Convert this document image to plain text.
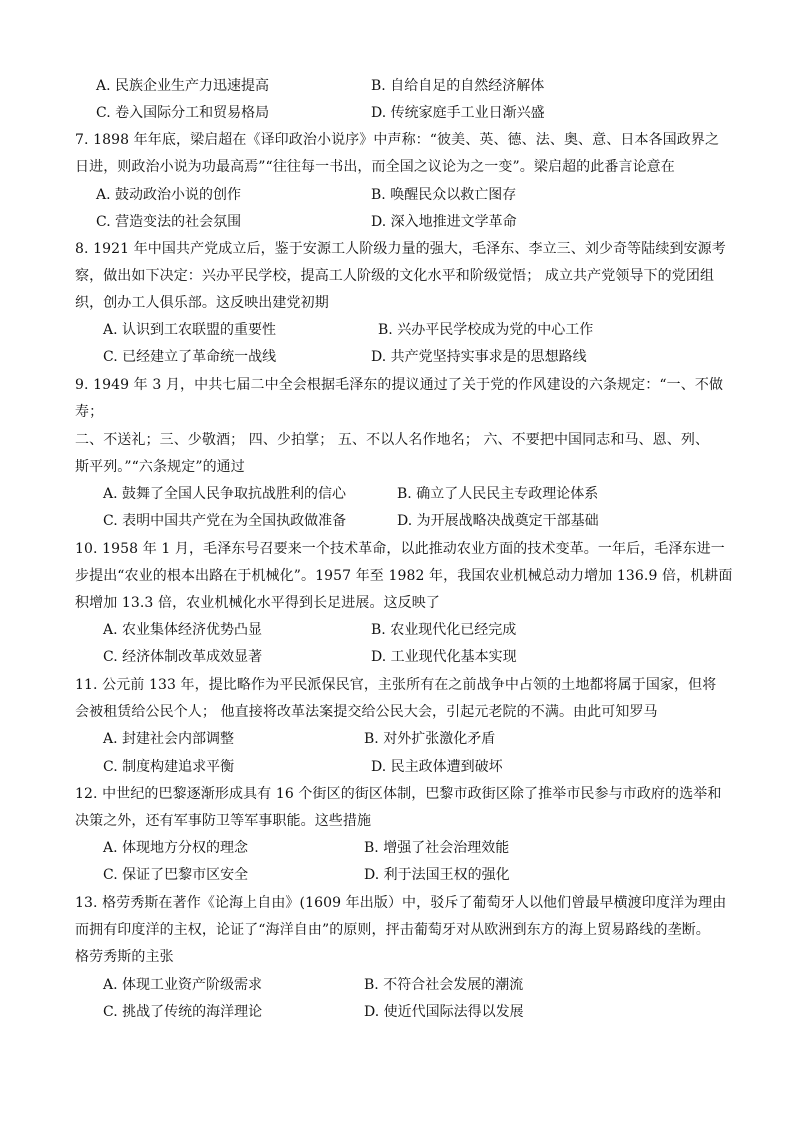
A. 民族企业生产力迅速提高	B. 自给自足的自然经济解体
C. 卷入国际分工和贸易格局	D. 传统家庭手工业日渐兴盛
7. 1898 年年底，梁启超在《译印政治小说序》中声称：“彼美、英、德、法、奥、意、日本各国政界之
日进，则政治小说为功最高焉”“往往每一书出，而全国之议论为之一变”。梁启超的此番言论意在
A. 鼓动政治小说的创作	B. 唤醒民众以救亡图存
C. 营造变法的社会氛围	D. 深入地推进文学革命
8. 1921 年中国共产党成立后，鉴于安源工人阶级力量的强大，毛泽东、李立三、刘少奇等陆续到安源考
察，做出如下决定：兴办平民学校，提高工人阶级的文化水平和阶级觉悟； 成立共产党领导下的党团组
织，创办工人俱乐部。这反映出建党初期
A. 认识到工农联盟的重要性	B. 兴办平民学校成为党的中心工作
C. 已经建立了革命统一战线	D. 共产党坚持实事求是的思想路线
9. 1949 年 3 月，中共七届二中全会根据毛泽东的提议通过了关于党的作风建设的六条规定：“一、不做
寿；
二、不送礼；三、少敬酒； 四、少拍掌； 五、不以人名作地名； 六、不要把中国同志和马、恩、列、
斯平列。”“六条规定”的通过
A. 鼓舞了全国人民争取抗战胜利的信心	B. 确立了人民民主专政理论体系
C. 表明中国共产党在为全国执政做准备	D. 为开展战略决战奠定干部基础
10. 1958 年 1 月，毛泽东号召要来一个技术革命，以此推动农业方面的技术变革。一年后，毛泽东进一
步提出“农业的根本出路在于机械化”。1957 年至 1982 年，我国农业机械总动力增加 136.9 倍，机耕面
积增加 13.3 倍，农业机械化水平得到长足进展。这反映了
A. 农业集体经济优势凸显	B. 农业现代化已经完成
C. 经济体制改革成效显著	D. 工业现代化基本实现
11. 公元前 133 年，提比略作为平民派保民官，主张所有在之前战争中占领的土地都将属于国家，但将
会被租赁给公民个人； 他直接将改革法案提交给公民大会，引起元老院的不满。由此可知罗马
A. 封建社会内部调整	B. 对外扩张激化矛盾
C. 制度构建追求平衡	D. 民主政体遭到破坏
12. 中世纪的巴黎逐渐形成具有 16 个街区的街区体制，巴黎市政街区除了推举市民参与市政府的选举和
决策之外，还有军事防卫等军事职能。这些措施
A. 体现地方分权的理念	B. 增强了社会治理效能
C. 保证了巴黎市区安全	D. 利于法国王权的强化
13. 格劳秀斯在著作《论海上自由》(1609 年出版）中，驳斥了葡萄牙人以他们曾最早横渡印度洋为理由
而拥有印度洋的主权，论证了“海洋自由”的原则，抨击葡萄牙对从欧洲到东方的海上贸易路线的垄断。
格劳秀斯的主张
A. 体现工业资产阶级需求	B. 不符合社会发展的潮流
C. 挑战了传统的海洋理论	D. 使近代国际法得以发展
